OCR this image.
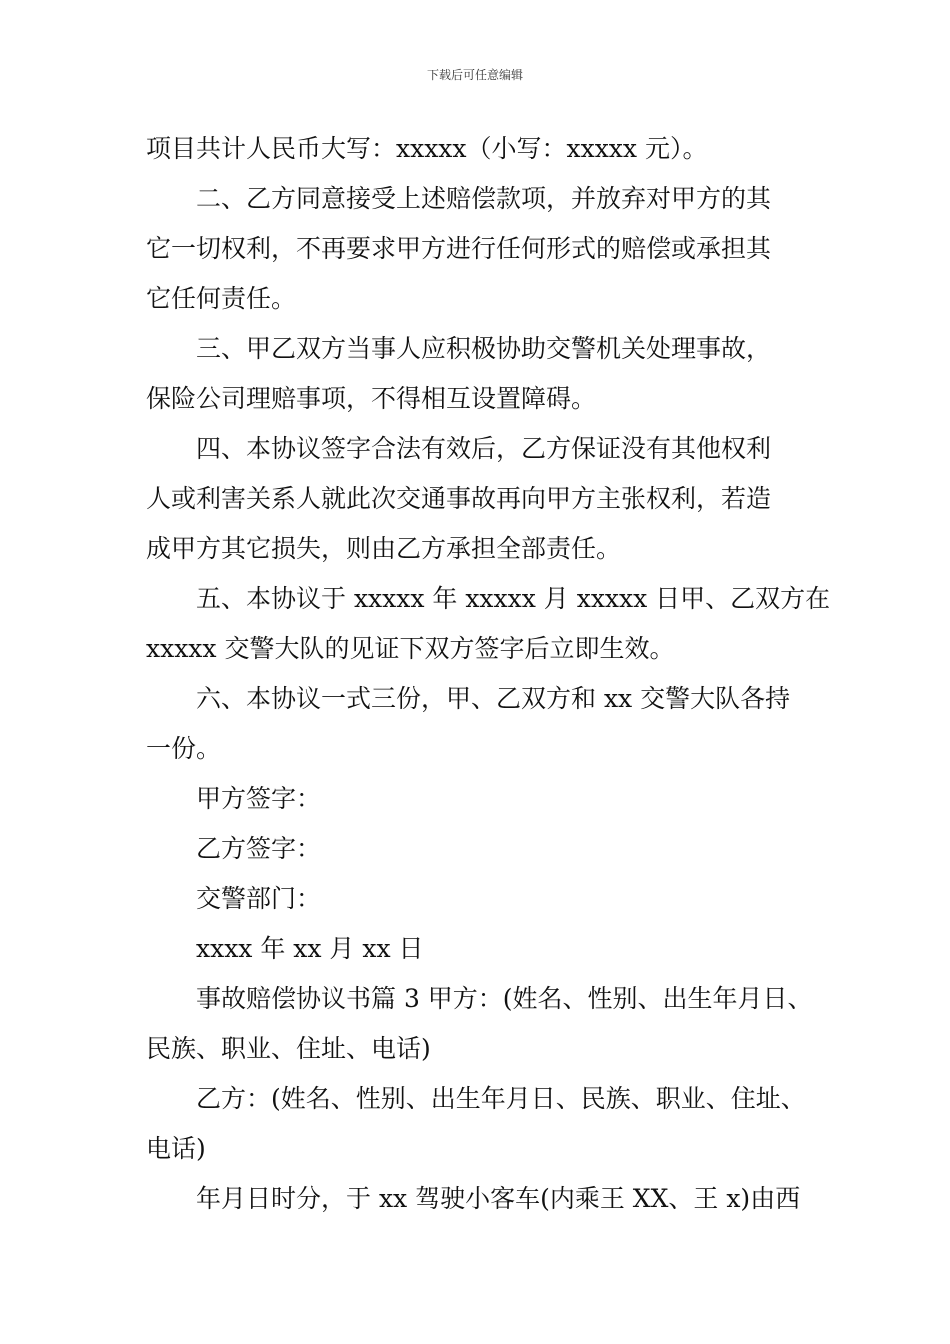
下载后可任意编辑
项目共计人民币大写：xxxxx（小写：xxxxx 元）。
二、乙方同意接受上述赔偿款项，并放弃对甲方的其
它一切权利，不再要求甲方进行任何形式的赔偿或承担其
它任何责任。
三、甲乙双方当事人应积极协助交警机关处理事故，
保险公司理赔事项，不得相互设置障碍。
四、本协议签字合法有效后，乙方保证没有其他权利
人或利害关系人就此次交通事故再向甲方主张权利，若造
成甲方其它损失，则由乙方承担全部责任。
五、本协议于 xxxxx 年 xxxxx 月 xxxxx 日甲、乙双方在
xxxxx 交警大队的见证下双方签字后立即生效。
六、本协议一式三份，甲、乙双方和 xx 交警大队各持
一份。
甲方签字：
乙方签字：
交警部门：
xxxx 年 xx 月 xx 日
事故赔偿协议书篇 3 甲方：(姓名、性别、出生年月日、
民族、职业、住址、电话)
乙方：(姓名、性别、出生年月日、民族、职业、住址、
电话)
年月日时分，于 xx 驾驶小客车(内乘王 XX、王 x)由西
